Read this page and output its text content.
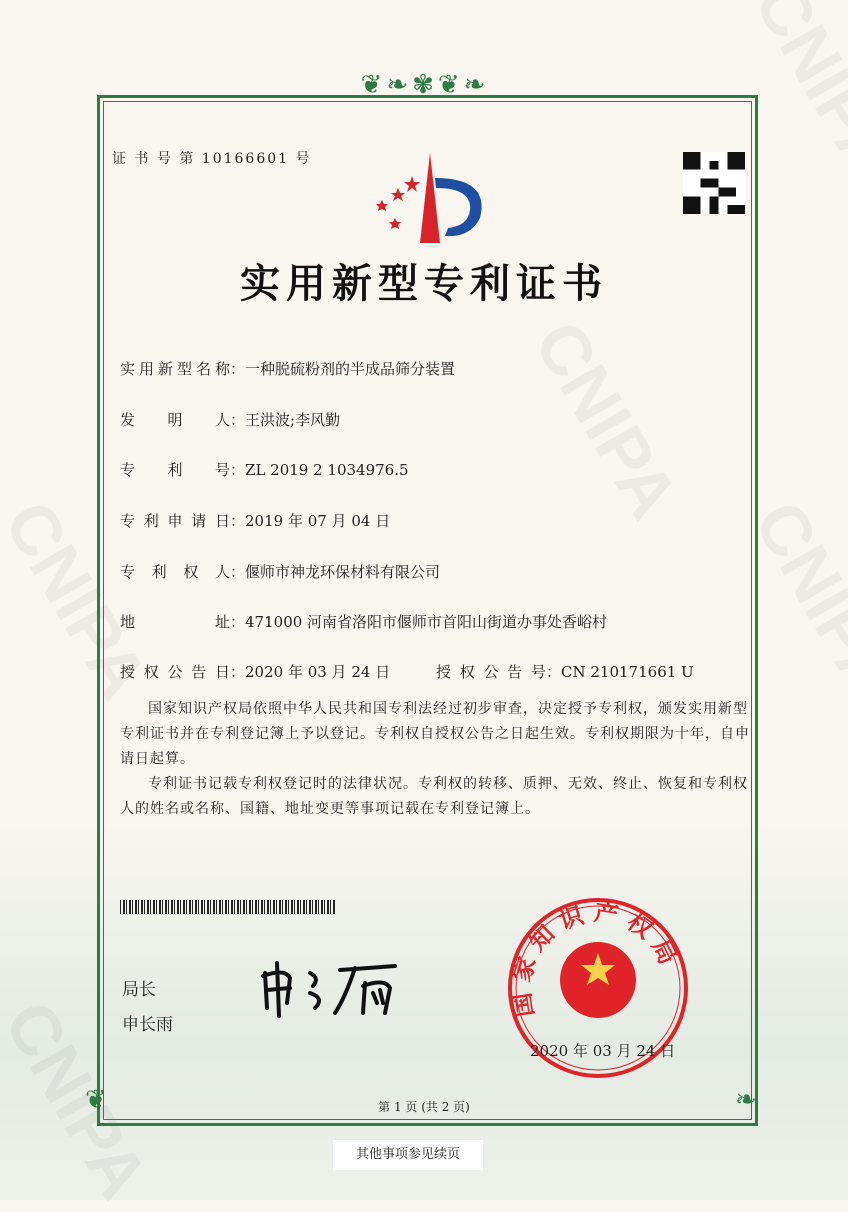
❦❧✾❦❧
❦	❧
证 书 号 第 10166601 号
实用新型专利证书
实用新型名称：一种脱硫粉剂的半成品筛分装置
发明人：王洪波;李风勤
专利号：ZL 2019 2 1034976.5
专利申请日：2019 年 07 月 04 日
专利权人：偃师市神龙环保材料有限公司
地址：471000 河南省洛阳市偃师市首阳山街道办事处香峪村
授权公告日：2020 年 03 月 24 日	授权公告号：CN 210171661 U

国家知识产权局依照中华人民共和国专利法经过初步审查，决定授予专利权，颁发实用新型专利证书并在专利登记簿上予以登记。专利权自授权公告之日起生效。专利权期限为十年，自申请日起算。

专利证书记载专利权登记时的法律状况。专利权的转移、质押、无效、终止、恢复和专利权人的姓名或名称、国籍、地址变更等事项记载在专利登记簿上。

局长
申长雨
国家知识产权局
2020 年 03 月 24 日
第 1 页 (共 2 页)
其他事项参见续页
